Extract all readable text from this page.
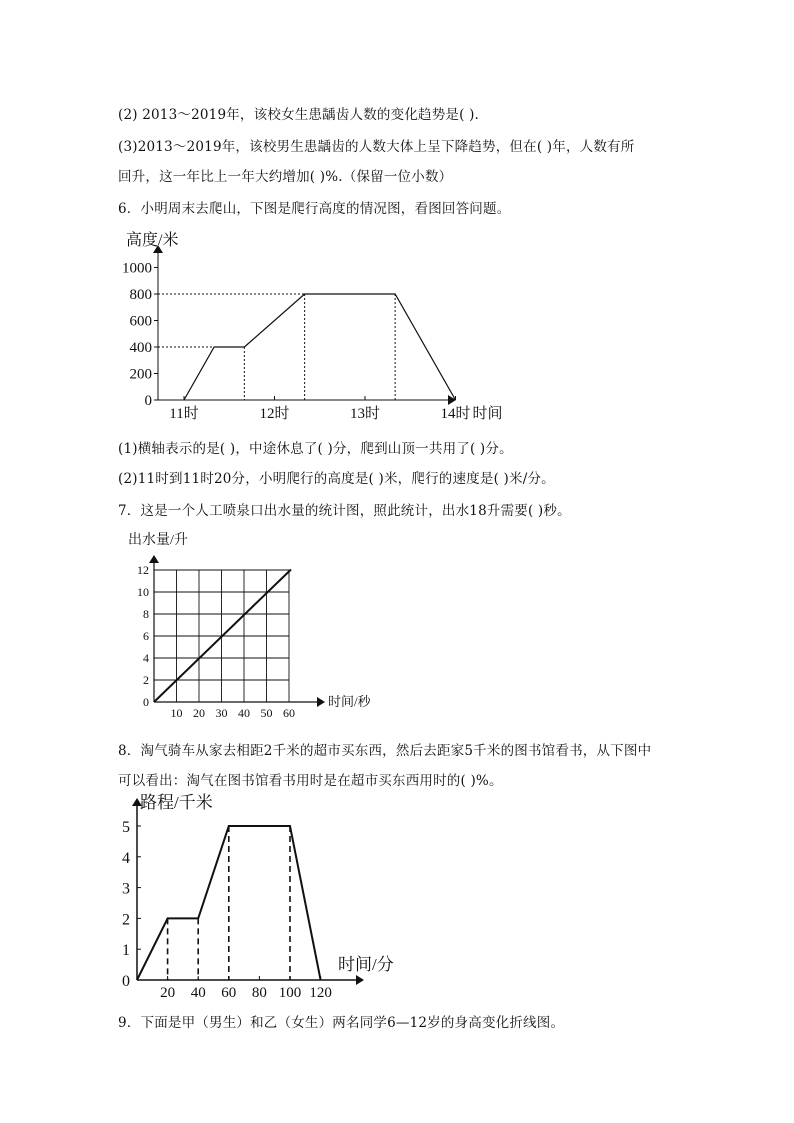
(2) 2013～2019年，该校女生患龋齿人数的变化趋势是( ).
(3)2013～2019年，该校男生患龋齿的人数大体上呈下降趋势，但在( )年，人数有所
回升，这一年比上一年大约增加( )%.（保留一位小数）
6．小明周末去爬山，下图是爬行高度的情况图，看图回答问题。
高度/米
0
200
400
600
800
1000
11时	12时	13时	14时 时间
(1)横轴表示的是( )，中途休息了( )分，爬到山顶一共用了( )分。
(2)11时到11时20分，小明爬行的高度是( )米，爬行的速度是( )米/分。
7．这是一个人工喷泉口出水量的统计图，照此统计，出水18升需要( )秒。
出水量/升
0
2
4
6
8
10
12
10 20 30 40 50 60
时间/秒
8．淘气骑车从家去相距2千米的超市买东西，然后去距家5千米的图书馆看书，从下图中
可以看出：淘气在图书馆看书用时是在超市买东西用时的( )%。
路程/千米
0
1
2
3
4
5
20 40 60 80 100 120
时间/分
9．下面是甲（男生）和乙（女生）两名同学6—12岁的身高变化折线图。
